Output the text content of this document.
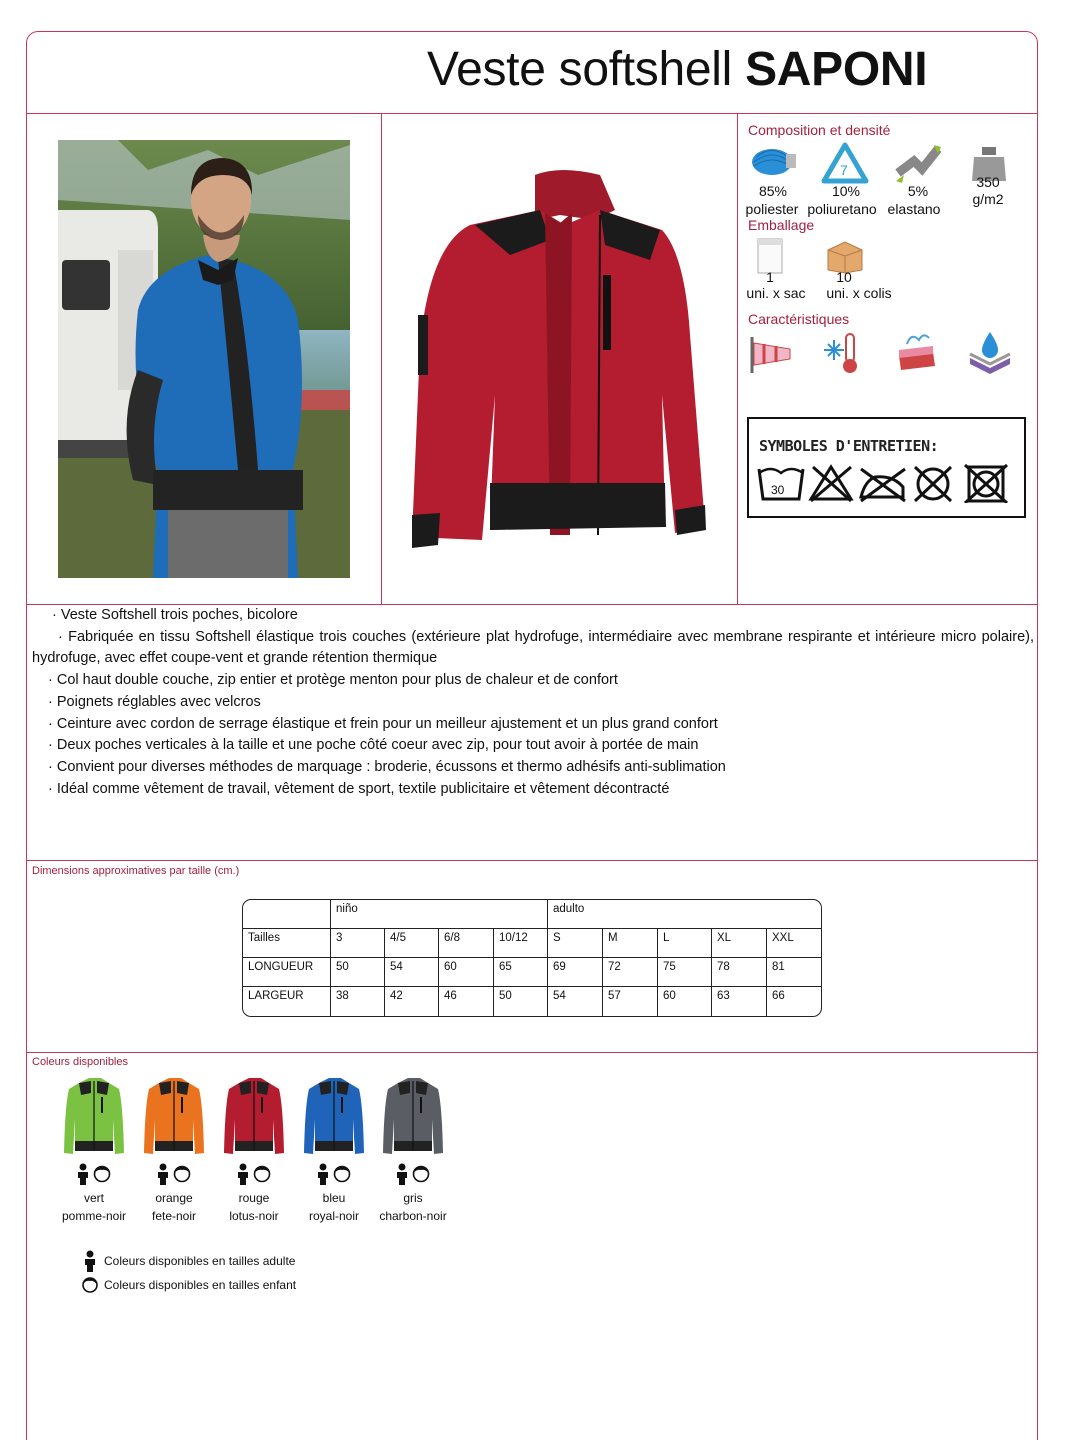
Veste softshell SAPONI
Composition et densité
7
85%	10%	5%
350
poliester poliuretano elastano
g/m2
Emballage
1	10
uni. x sac	uni. x colis
Caractéristiques
SYMBOLES D'ENTRETIEN:
30

· Veste Softshell trois poches, bicolore

· Fabriquée en tissu Softshell élastique trois couches (extérieure plat hydrofuge, intermédiaire avec membrane respirante et intérieure micro polaire), hydrofuge, avec effet coupe-vent et grande rétention thermique

· Col haut double couche, zip entier et protège menton pour plus de chaleur et de confort

· Poignets réglables avec velcros

· Ceinture avec cordon de serrage élastique et frein pour un meilleur ajustement et un plus grand confort

· Deux poches verticales à la taille et une poche côté coeur avec zip, pour tout avoir à portée de main

· Convient pour diverses méthodes de marquage : broderie, écussons et thermo adhésifs anti-sublimation

· Idéal comme vêtement de travail, vêtement de sport, textile publicitaire et vêtement décontracté

Dimensions approximatives par taille (cm.)
	niño				adulto				
Tailles	3	4/5	6/8	10/12	S	M	L	XL	XXL
LONGUEUR	50	54	60	65	69	72	75	78	81
LARGEUR	38	42	46	50	54	57	60	63	66
Coleurs disponibles
vert
pomme-noir
orange
fete-noir
rouge
lotus-noir
bleu
royal-noir
gris
charbon-noir
Coleurs disponibles en tailles adulte
Coleurs disponibles en tailles enfant
